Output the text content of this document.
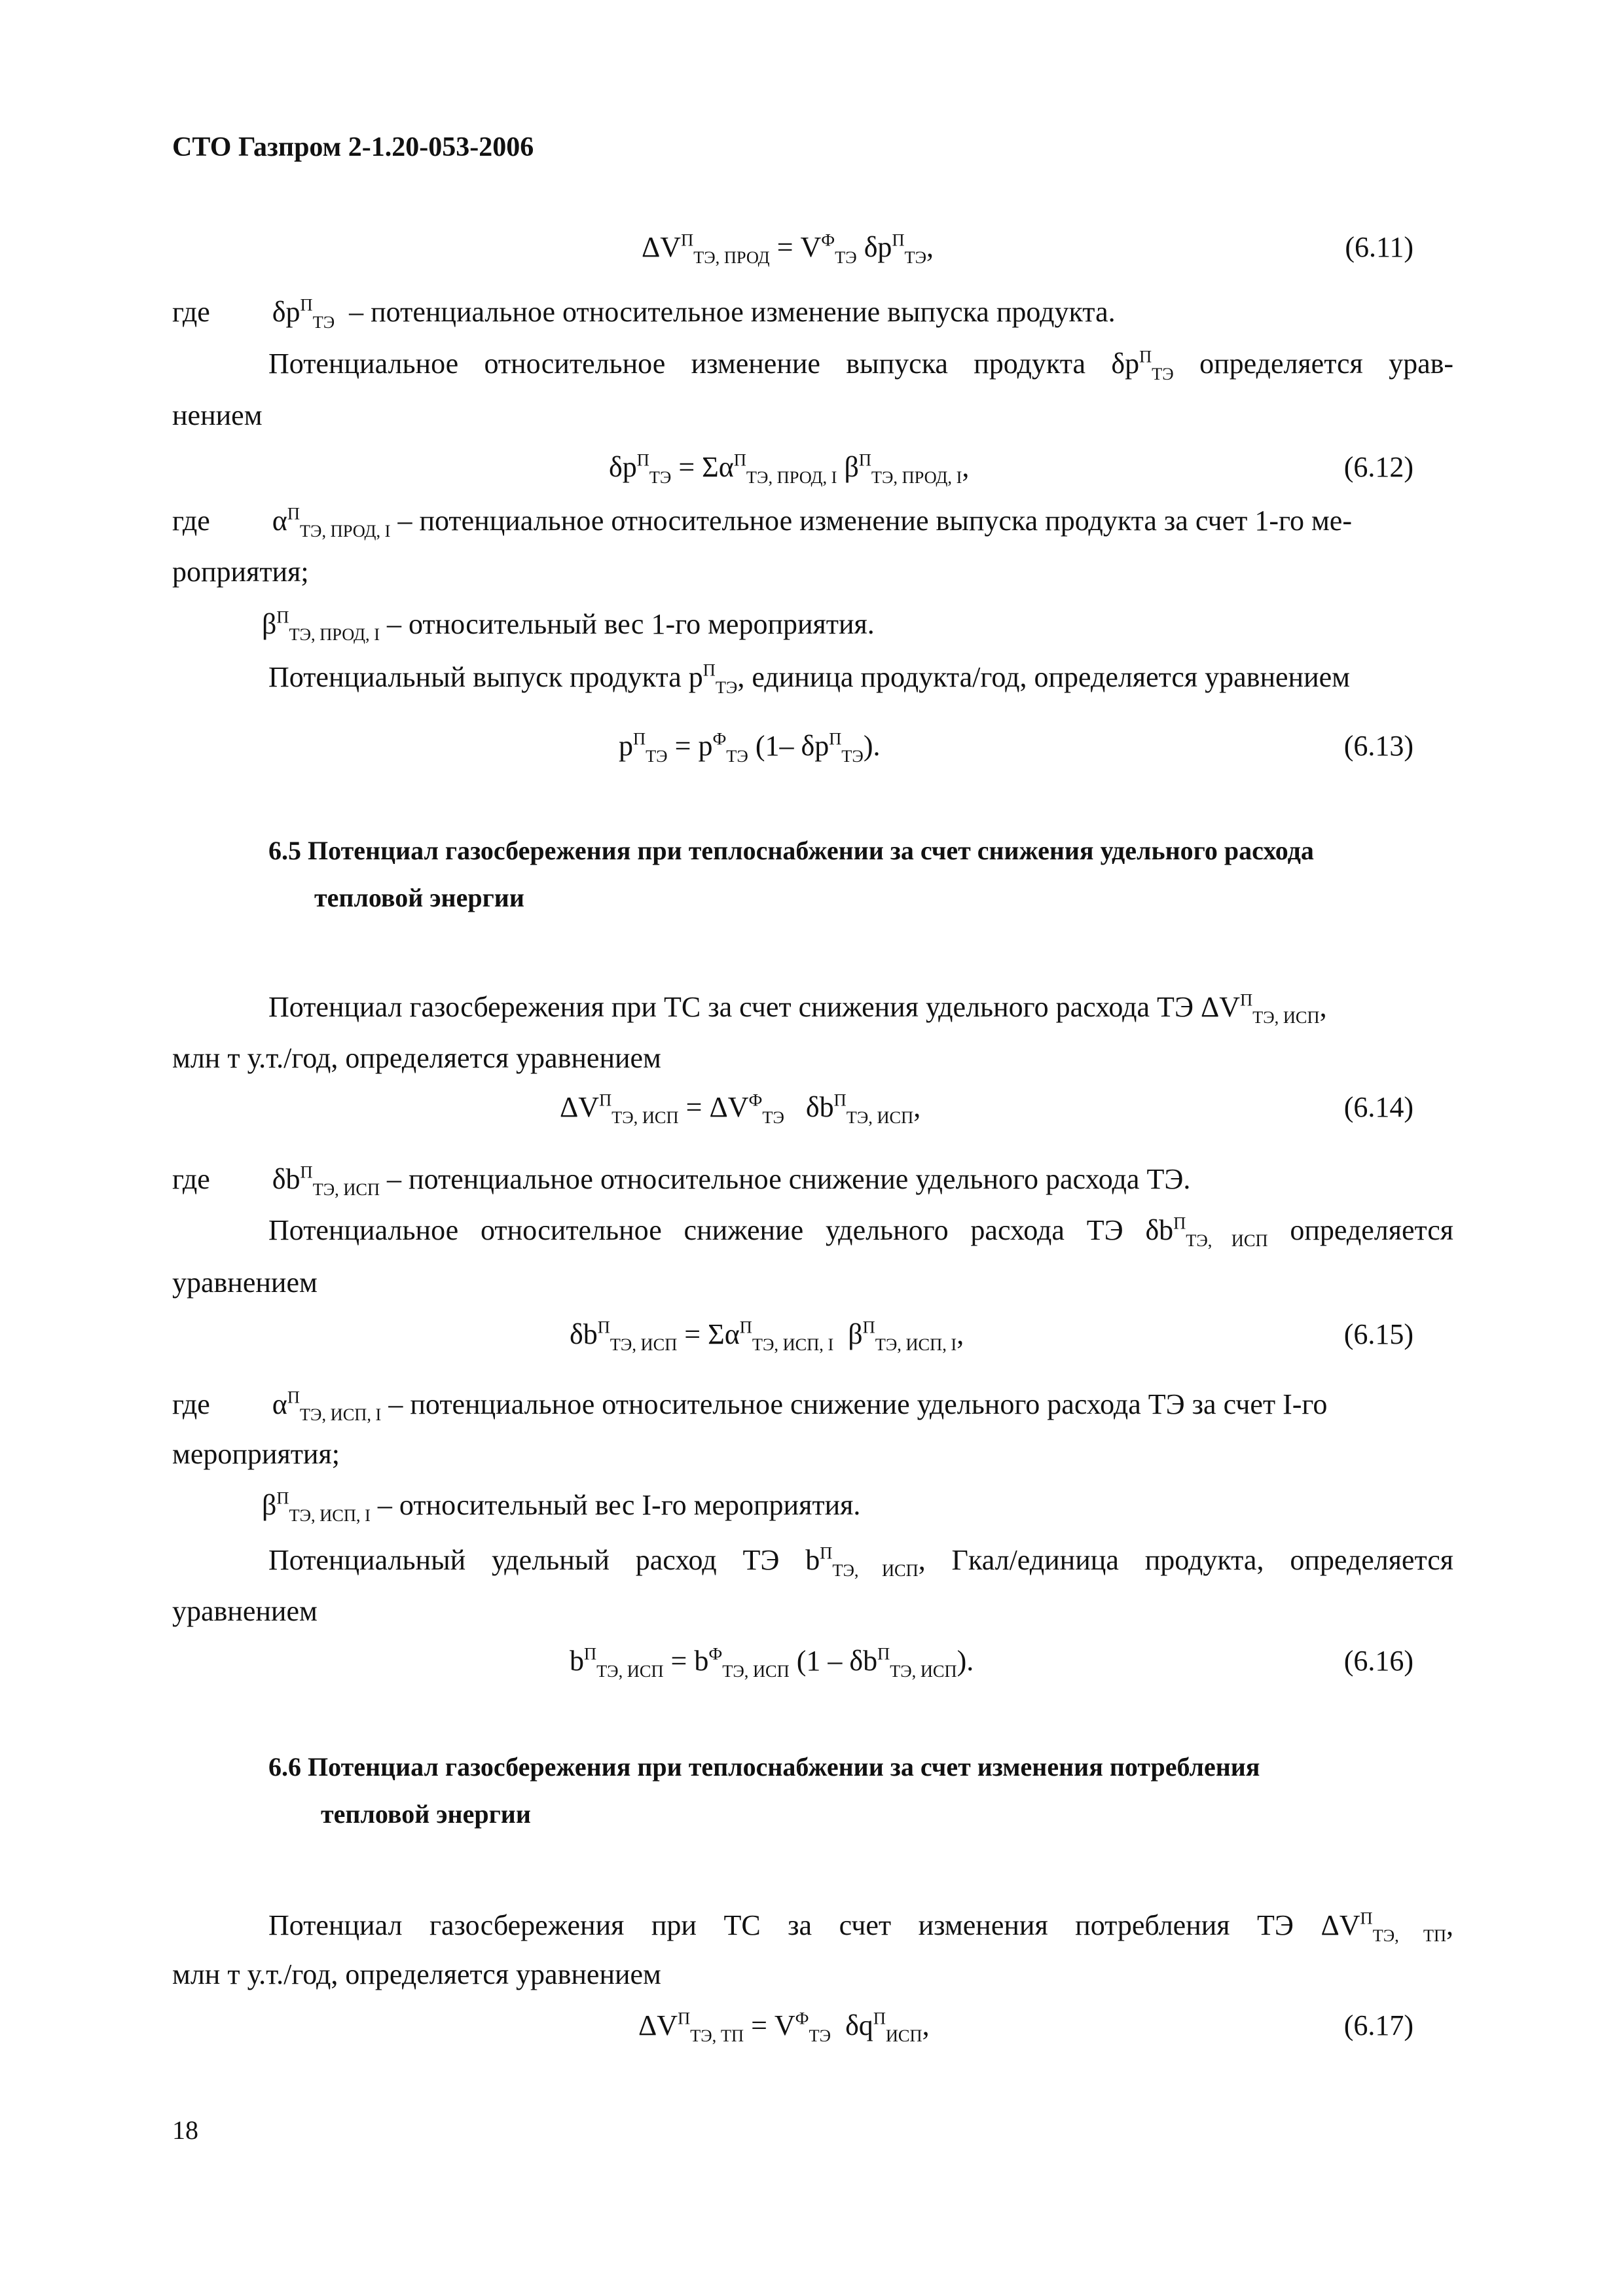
СТО Газпром 2-1.20-053-2006
$\Delta V^П_{ТЭ, ПРОД} = V^Ф_{ТЭ}$ $\delta p^П_{ТЭ}$,	(6.11)
где $\delta p^П_{ТЭ}$ – потенциальное относительное изменение выпуска продукта.
Потенциальное относительное изменение выпуска продукта $\delta p^П_{ТЭ}$ определяется урав-
нением
$\delta p^П_{ТЭ} = \Sigma\alpha^П_{ТЭ, ПРОД, I}$ $\beta^П_{ТЭ, ПРОД, I}$,	(6.12)
где $\alpha^П_{ТЭ, ПРОД, I}$ – потенциальное относительное изменение выпуска продукта за счет 1-го ме-
роприятия;
$\beta^П_{ТЭ, ПРОД, I}$ – относительный вес 1-го мероприятия.
Потенциальный выпуск продукта $p^П_{ТЭ}$, единица продукта/год, определяется уравнением
$p^П_{ТЭ} = p^Ф_{ТЭ}$ (1– $\delta p^П_{ТЭ}$).	(6.13)
6.5 Потенциал газосбережения при теплоснабжении за счет снижения удельного расхода
тепловой энергии
Потенциал газосбережения при ТС за счет снижения удельного расхода ТЭ $\Delta V^П_{ТЭ, ИСП}$,
млн т у.т./год, определяется уравнением
$\Delta V^П_{ТЭ, ИСП} = \Delta V^Ф_{ТЭ}$ $\delta b^П_{ТЭ, ИСП}$,	(6.14)
где $\delta b^П_{ТЭ, ИСП}$ – потенциальное относительное снижение удельного расхода ТЭ.
Потенциальное относительное снижение удельного расхода ТЭ $\delta b^П_{ТЭ, ИСП}$ определяется
уравнением
$\delta b^П_{ТЭ, ИСП} = \Sigma\alpha^П_{ТЭ, ИСП, I}$ $\beta^П_{ТЭ, ИСП, I}$,	(6.15)
где $\alpha^П_{ТЭ, ИСП, I}$ – потенциальное относительное снижение удельного расхода ТЭ за счет I-го
мероприятия;
$\beta^П_{ТЭ, ИСП, I}$ – относительный вес I-го мероприятия.
Потенциальный удельный расход ТЭ $b^П_{ТЭ, ИСП}$, Гкал/единица продукта, определяется
уравнением
$b^П_{ТЭ, ИСП} = b^Ф_{ТЭ, ИСП}$ $(1 - \delta b^П_{ТЭ, ИСП})$.	(6.16)
6.6 Потенциал газосбережения при теплоснабжении за счет изменения потребления
тепловой энергии
Потенциал газосбережения при ТС за счет изменения потребления ТЭ $\Delta V^П_{ТЭ, ТП}$,
млн т у.т./год, определяется уравнением
$\Delta V^П_{ТЭ, ТП} = V^Ф_{ТЭ}$ $\delta q^П_{ИСП}$,	(6.17)
18
